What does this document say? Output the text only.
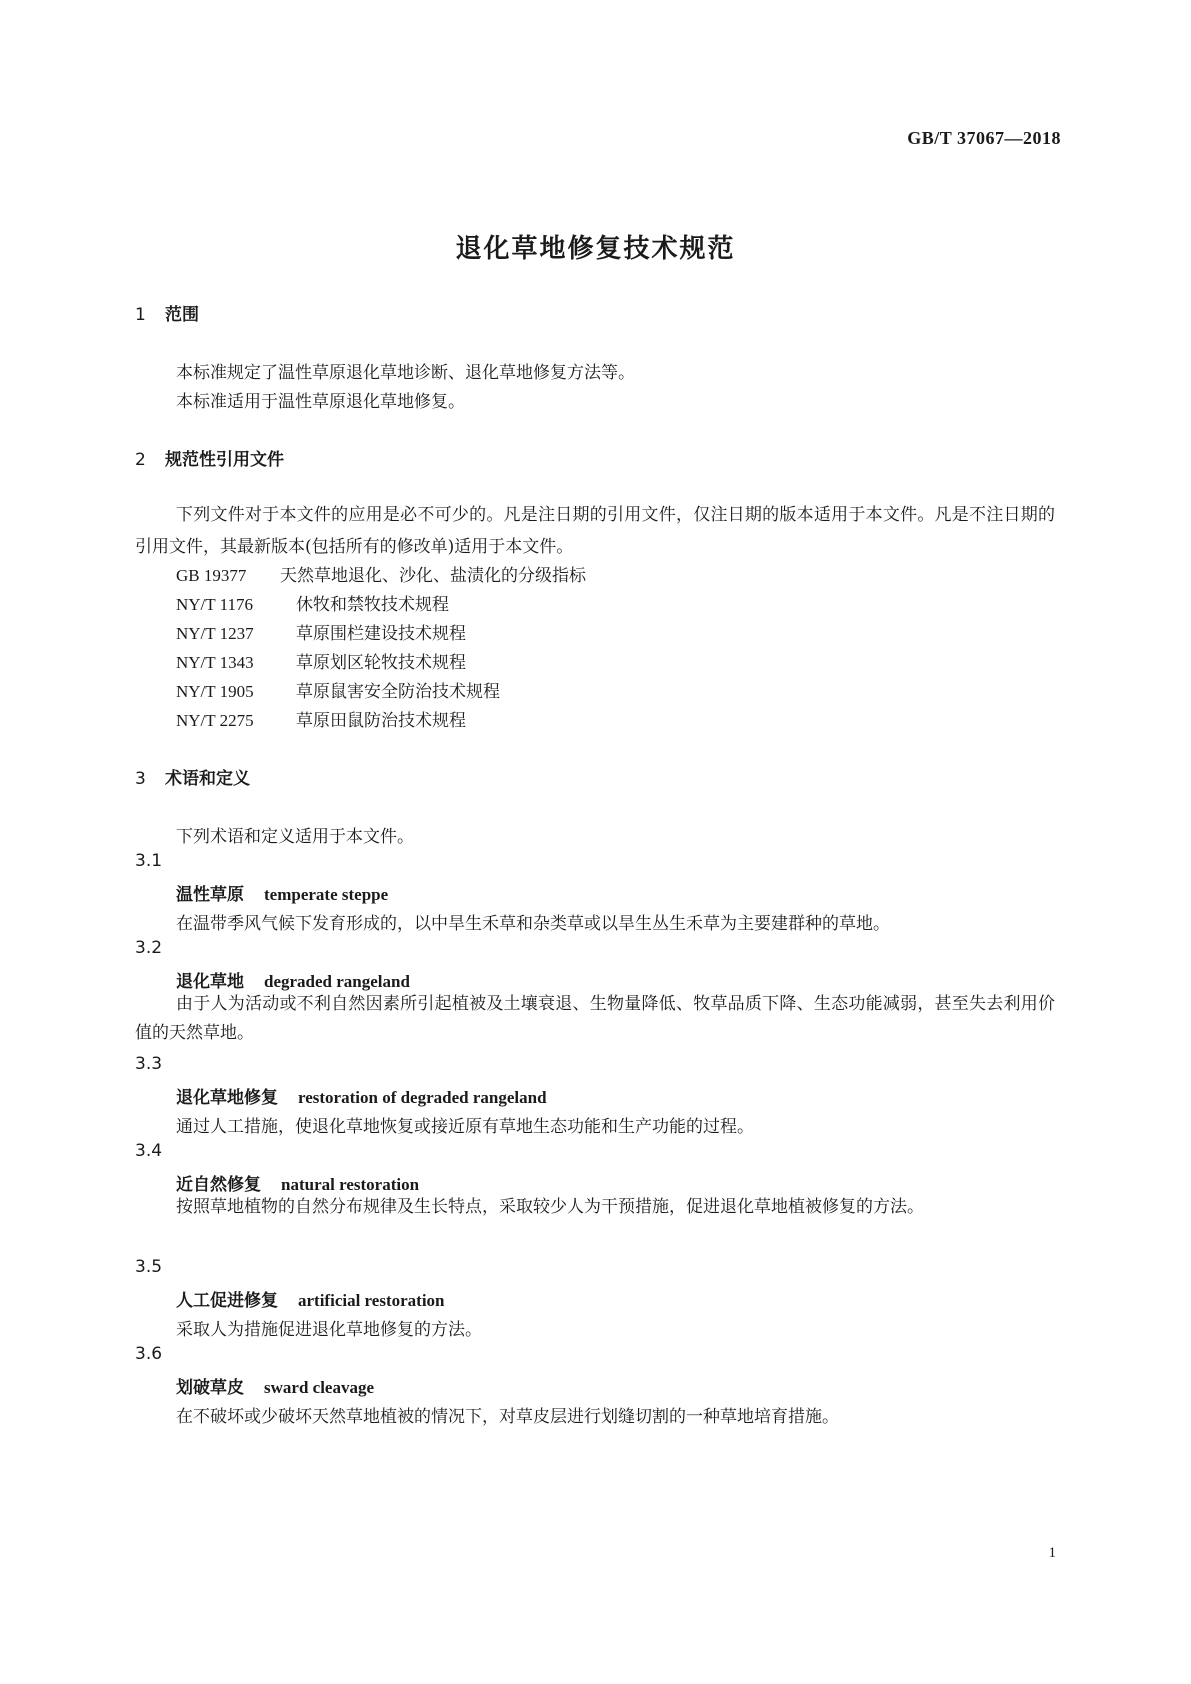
GB/T 37067—2018
退化草地修复技术规范
1 范围
本标准规定了温性草原退化草地诊断、退化草地修复方法等。
本标准适用于温性草原退化草地修复。
2 规范性引用文件
下列文件对于本文件的应用是必不可少的。凡是注日期的引用文件，仅注日期的版本适用于本文件。凡是不注日期的引用文件，其最新版本(包括所有的修改单)适用于本文件。
GB 19377 天然草地退化、沙化、盐渍化的分级指标
NY/T 1176	休牧和禁牧技术规程
NY/T 1237 草原围栏建设技术规程
NY/T 1343 草原划区轮牧技术规程
NY/T 1905 草原鼠害安全防治技术规程
NY/T 2275 草原田鼠防治技术规程
3 术语和定义
下列术语和定义适用于本文件。
3.1
温性草原 temperate steppe
在温带季风气候下发育形成的，以中旱生禾草和杂类草或以旱生丛生禾草为主要建群种的草地。
3.2
退化草地 degraded rangeland
由于人为活动或不利自然因素所引起植被及土壤衰退、生物量降低、牧草品质下降、生态功能减弱，甚至失去利用价值的天然草地。
3.3
退化草地修复 restoration of degraded rangeland
通过人工措施，使退化草地恢复或接近原有草地生态功能和生产功能的过程。
3.4
近自然修复 natural restoration
按照草地植物的自然分布规律及生长特点，采取较少人为干预措施，促进退化草地植被修复的方法。
3.5
人工促进修复 artificial restoration
采取人为措施促进退化草地修复的方法。
3.6
划破草皮 sward cleavage
在不破坏或少破坏天然草地植被的情况下，对草皮层进行划缝切割的一种草地培育措施。
1
